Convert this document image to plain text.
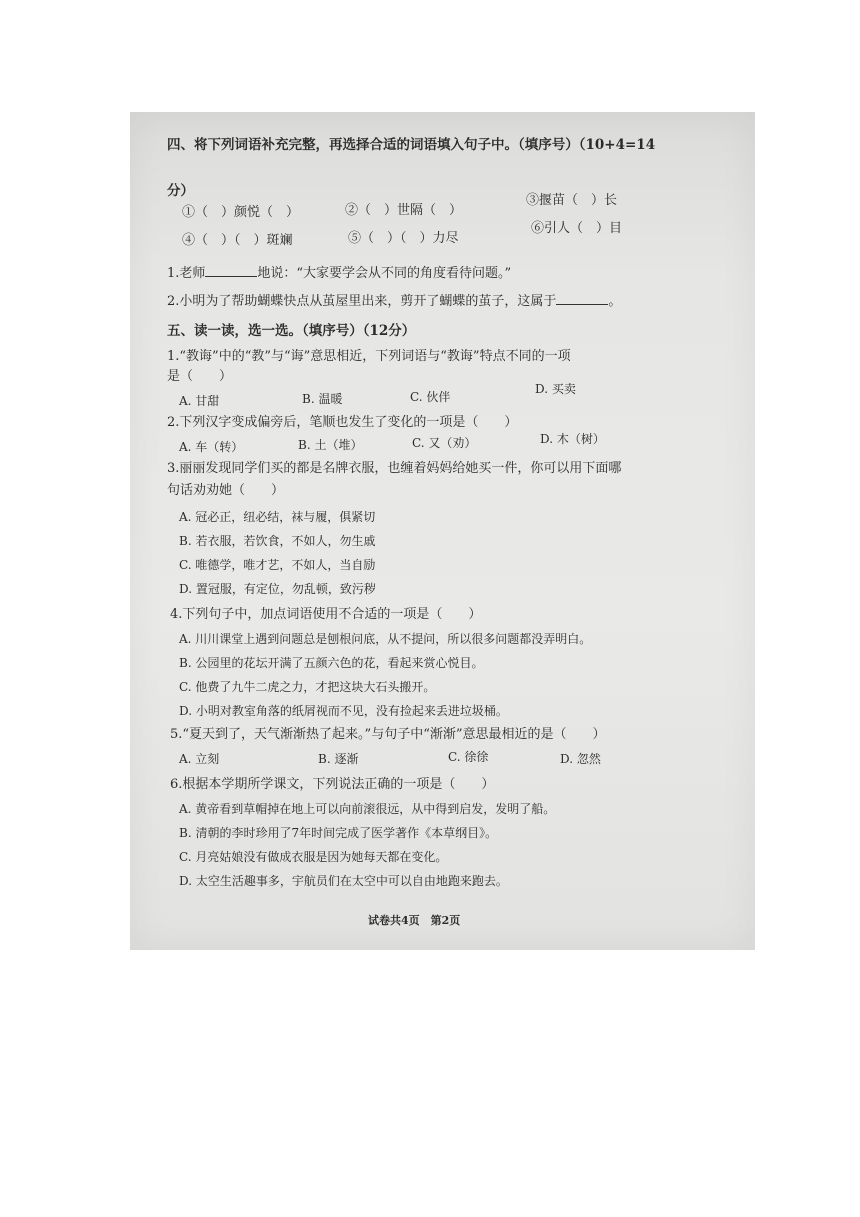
四、将下列词语补充完整，再选择合适的词语填入句子中。（填序号）（10+4=14
分）
①（　）颜悦（　）	②（　）世隔（　）
③揠苗（　）长
④（　）（　）斑斓	⑤（　）（　）力尽
⑥引人（　）目
1.老师	地说：“大家要学会从不同的角度看待问题。”
2.小明为了帮助蝴蝶快点从茧屋里出来，剪开了蝴蝶的茧子，这属于	。
五、读一读，选一选。（填序号）（12分）
1.“教诲”中的“教”与“诲”意思相近，下列词语与“教诲”特点不同的一项
是（　　）
A. 甘甜	B. 温暖	C. 伙伴
D. 买卖
2.下列汉字变成偏旁后，笔顺也发生了变化的一项是（　　）
A. 车（转）	B. 土（堆）	C. 又（劝）	D. 木（树）
3.丽丽发现同学们买的都是名牌衣服，也缠着妈妈给她买一件，你可以用下面哪
句话劝劝她（　　）
A. 冠必正，纽必结，袜与履，俱紧切
B. 若衣服，若饮食，不如人，勿生戚
C. 唯德学，唯才艺，不如人，当自励
D. 置冠服，有定位，勿乱顿，致污秽
4.下列句子中，加点词语使用不合适的一项是（　　）
A. 川川课堂上遇到问题总是刨根问底，从不提问，所以很多问题都没弄明白。
B. 公园里的花坛开满了五颜六色的花，看起来赏心悦目。
C. 他费了九牛二虎之力，才把这块大石头搬开。
D. 小明对教室角落的纸屑视而不见，没有捡起来丢进垃圾桶。
5.“夏天到了，天气渐渐热了起来。”与句子中“渐渐”意思最相近的是（　　）
A. 立刻	B. 逐渐	C. 徐徐	D. 忽然
6.根据本学期所学课文，下列说法正确的一项是（　　）
A. 黄帝看到草帽掉在地上可以向前滚很远，从中得到启发，发明了船。
B. 清朝的李时珍用了7年时间完成了医学著作《本草纲目》。
C. 月亮姑娘没有做成衣服是因为她每天都在变化。
D. 太空生活趣事多，宇航员们在太空中可以自由地跑来跑去。
试卷共4页　第2页
